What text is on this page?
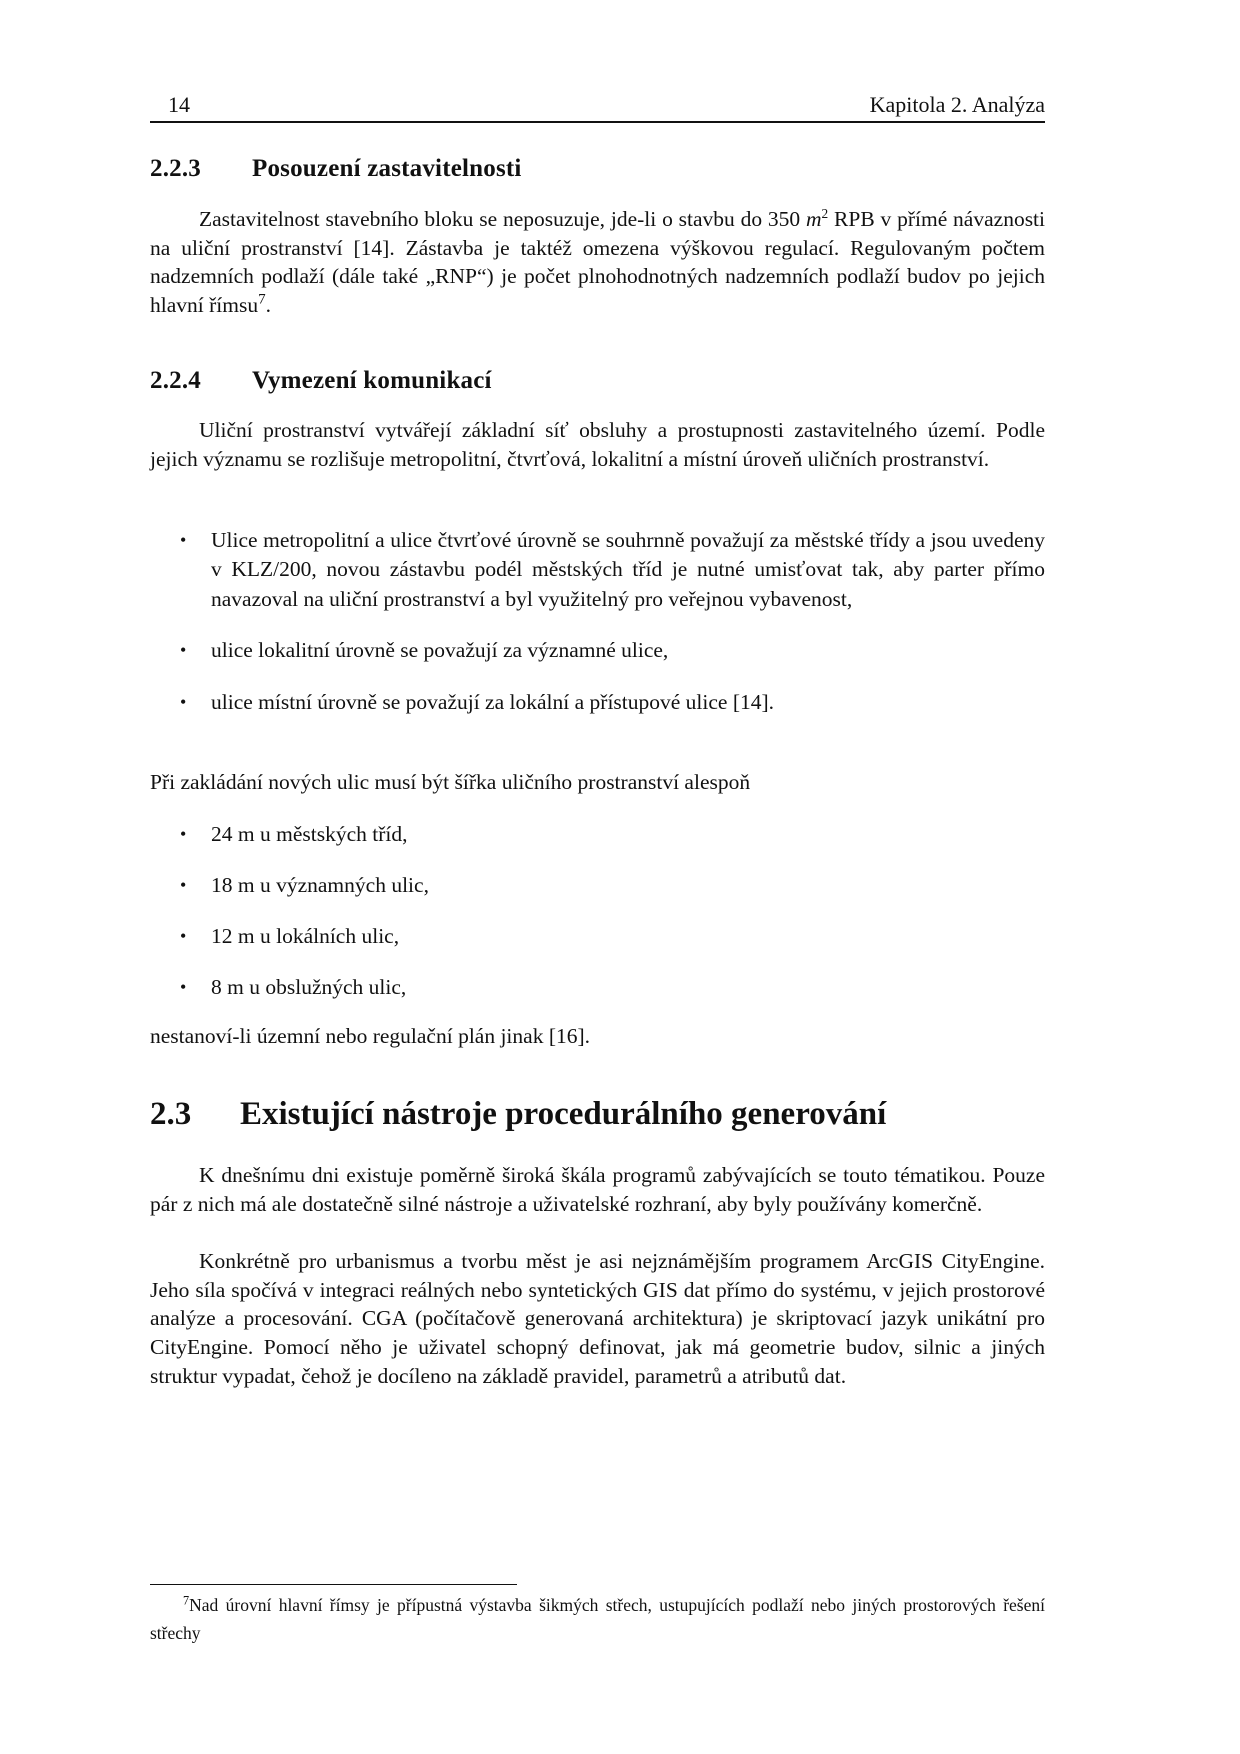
14	Kapitola 2. Analýza
2.2.3 Posouzení zastavitelnosti
Zastavitelnost stavebního bloku se neposuzuje, jde-li o stavbu do 350 $m^2$ RPB v přímé návaznosti na uliční prostranství [14]. Zástavba je taktéž omezena výškovou regulací. Regulovaným počtem nadzemních podlaží (dále také „RNP“) je počet plnohodnotných nadzemních podlaží budov po jejich hlavní římsu$^7$.
2.2.4 Vymezení komunikací
Uliční prostranství vytvářejí základní síť obsluhy a prostupnosti zastavitelného území. Podle jejich významu se rozlišuje metropolitní, čtvrťová, lokalitní a místní úroveň uličních prostranství.
• Ulice metropolitní a ulice čtvrťové úrovně se souhrnně považují za městské třídy a jsou uvedeny v KLZ/200, novou zástavbu podél městských tříd je nutné umisťovat tak, aby parter přímo navazoval na uliční prostranství a byl využitelný pro veřejnou vybavenost,
• ulice lokalitní úrovně se považují za významné ulice,
• ulice místní úrovně se považují za lokální a přístupové ulice [14].
Při zakládání nových ulic musí být šířka uličního prostranství alespoň
• 24 m u městských tříd,
• 18 m u významných ulic,
• 12 m u lokálních ulic,
• 8 m u obslužných ulic,
nestanoví-li územní nebo regulační plán jinak [16].
2.3 Existující nástroje procedurálního generování
K dnešnímu dni existuje poměrně široká škála programů zabývajících se touto tématikou. Pouze pár z nich má ale dostatečně silné nástroje a uživatelské rozhraní, aby byly používány komerčně.
Konkrétně pro urbanismus a tvorbu měst je asi nejznámějším programem ArcGIS CityEngine. Jeho síla spočívá v integraci reálných nebo syntetických GIS dat přímo do systému, v jejich prostorové analýze a procesování. CGA (počítačově generovaná architektura) je skriptovací jazyk unikátní pro CityEngine. Pomocí něho je uživatel schopný definovat, jak má geometrie budov, silnic a jiných struktur vypadat, čehož je docíleno na základě pravidel, parametrů a atributů dat.
$^7$Nad úrovní hlavní římsy je přípustná výstavba šikmých střech, ustupujících podlaží nebo jiných prostorových řešení střechy
